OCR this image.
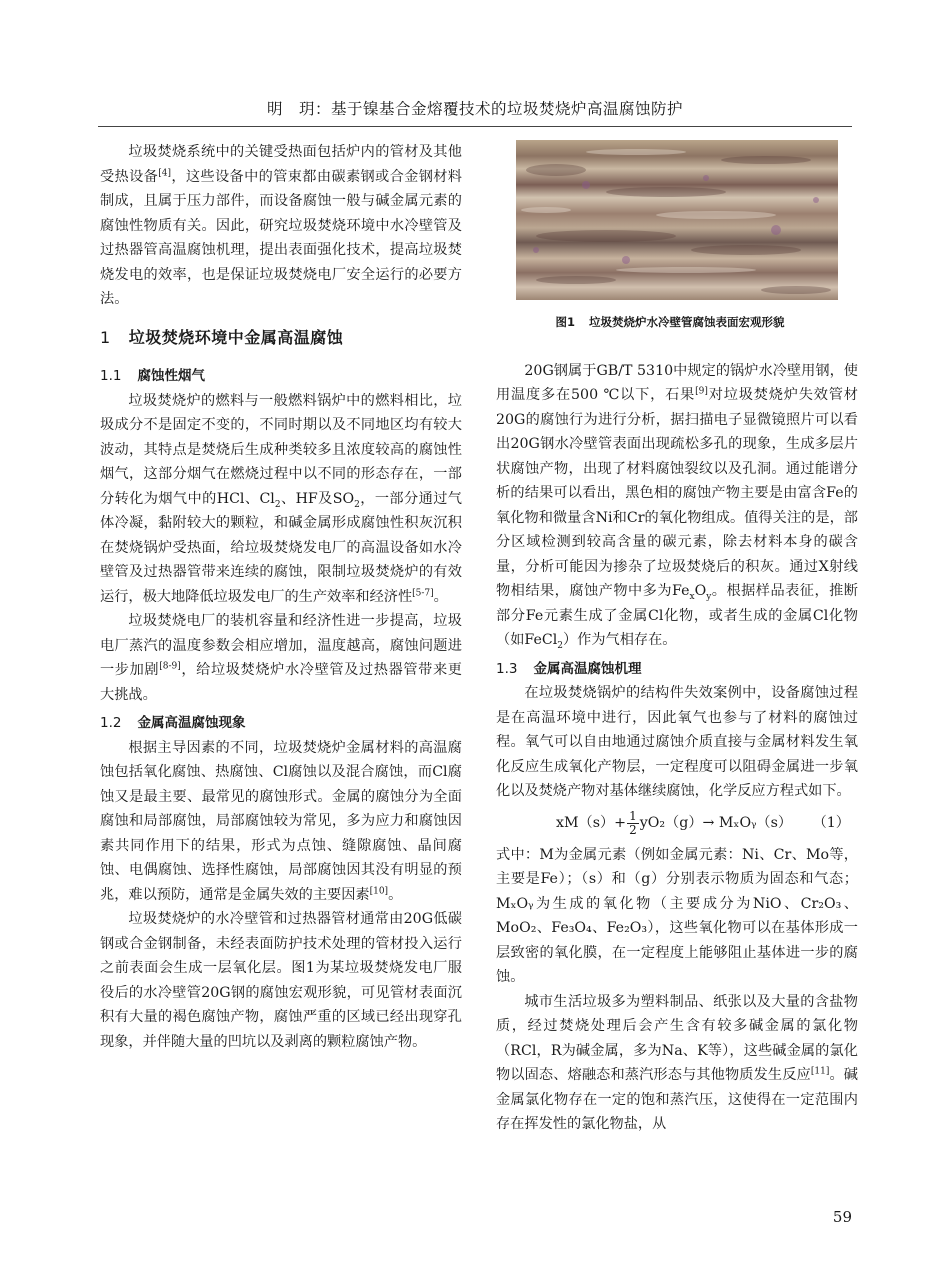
明　玥：基于镍基合金熔覆技术的垃圾焚烧炉高温腐蚀防护

垃圾焚烧系统中的关键受热面包括炉内的管材及其他受热设备[4]，这些设备中的管束都由碳素钢或合金钢材料制成，且属于压力部件，而设备腐蚀一般与碱金属元素的腐蚀性物质有关。因此，研究垃圾焚烧环境中水冷壁管及过热器管高温腐蚀机理，提出表面强化技术，提高垃圾焚烧发电的效率，也是保证垃圾焚烧电厂安全运行的必要方法。

1 垃圾焚烧环境中金属高温腐蚀
1.1 腐蚀性烟气

垃圾焚烧炉的燃料与一般燃料锅炉中的燃料相比，垃圾成分不是固定不变的，不同时期以及不同地区均有较大波动，其特点是焚烧后生成种类较多且浓度较高的腐蚀性烟气，这部分烟气在燃烧过程中以不同的形态存在，一部分转化为烟气中的HCl、$Cl_2$、HF及$SO_2$，一部分通过气体冷凝，黏附较大的颗粒，和碱金属形成腐蚀性积灰沉积在焚烧锅炉受热面，给垃圾焚烧发电厂的高温设备如水冷壁管及过热器管带来连续的腐蚀，限制垃圾焚烧炉的有效运行，极大地降低垃圾发电厂的生产效率和经济性[5-7]。

垃圾焚烧电厂的装机容量和经济性进一步提高，垃圾电厂蒸汽的温度参数会相应增加，温度越高，腐蚀问题进一步加剧[8-9]，给垃圾焚烧炉水冷壁管及过热器管带来更大挑战。

1.2 金属高温腐蚀现象

根据主导因素的不同，垃圾焚烧炉金属材料的高温腐蚀包括氧化腐蚀、热腐蚀、Cl腐蚀以及混合腐蚀，而Cl腐蚀又是最主要、最常见的腐蚀形式。金属的腐蚀分为全面腐蚀和局部腐蚀，局部腐蚀较为常见，多为应力和腐蚀因素共同作用下的结果，形式为点蚀、缝隙腐蚀、晶间腐蚀、电偶腐蚀、选择性腐蚀，局部腐蚀因其没有明显的预兆，难以预防，通常是金属失效的主要因素[10]。

垃圾焚烧炉的水冷壁管和过热器管材通常由20G低碳钢或合金钢制备，未经表面防护技术处理的管材投入运行之前表面会生成一层氧化层。图1为某垃圾焚烧发电厂服役后的水冷壁管20G钢的腐蚀宏观形貌，可见管材表面沉积有大量的褐色腐蚀产物，腐蚀严重的区域已经出现穿孔现象，并伴随大量的凹坑以及剥离的颗粒腐蚀产物。

图1 垃圾焚烧炉水冷壁管腐蚀表面宏观形貌

20G钢属于GB/T 5310中规定的锅炉水冷壁用钢，使用温度多在500 ℃以下，石果[9]对垃圾焚烧炉失效管材20G的腐蚀行为进行分析，据扫描电子显微镜照片可以看出20G钢水冷壁管表面出现疏松多孔的现象，生成多层片状腐蚀产物，出现了材料腐蚀裂纹以及孔洞。通过能谱分析的结果可以看出，黑色相的腐蚀产物主要是由富含Fe的氧化物和微量含Ni和Cr的氧化物组成。值得关注的是，部分区域检测到较高含量的碳元素，除去材料本身的碳含量，分析可能因为掺杂了垃圾焚烧后的积灰。通过X射线物相结果，腐蚀产物中多为$Fe_xO_y$。根据样品表征，推断部分Fe元素生成了金属Cl化物，或者生成的金属Cl化物（如FeCl$_2$）作为气相存在。

1.3 金属高温腐蚀机理

在垃圾焚烧锅炉的结构件失效案例中，设备腐蚀过程是在高温环境中进行，因此氧气也参与了材料的腐蚀过程。氧气可以自由地通过腐蚀介质直接与金属材料发生氧化反应生成氧化产物层，一定程度可以阻碍金属进一步氧化以及焚烧产物对基体继续腐蚀，化学反应方程式如下。

$xM(s)+ \frac{1}{2} yO_2(g)\to$ MₓOᵧ（s） （1）

式中：M为金属元素（例如金属元素：Ni、Cr、Mo等，主要是Fe）；（s）和（g）分别表示物质为固态和气态；MₓOᵧ为生成的氧化物（主要成分为NiO、Cr₂O₃、MoO₂、Fe₃O₄、Fe₂O₃），这些氧化物可以在基体形成一层致密的氧化膜，在一定程度上能够阻止基体进一步的腐蚀。

城市生活垃圾多为塑料制品、纸张以及大量的含盐物质，经过焚烧处理后会产生含有较多碱金属的氯化物（RCl，R为碱金属，多为Na、K等），这些碱金属的氯化物以固态、熔融态和蒸汽形态与其他物质发生反应[11]。碱金属氯化物存在一定的饱和蒸汽压，这使得在一定范围内存在挥发性的氯化物盐，从

59
